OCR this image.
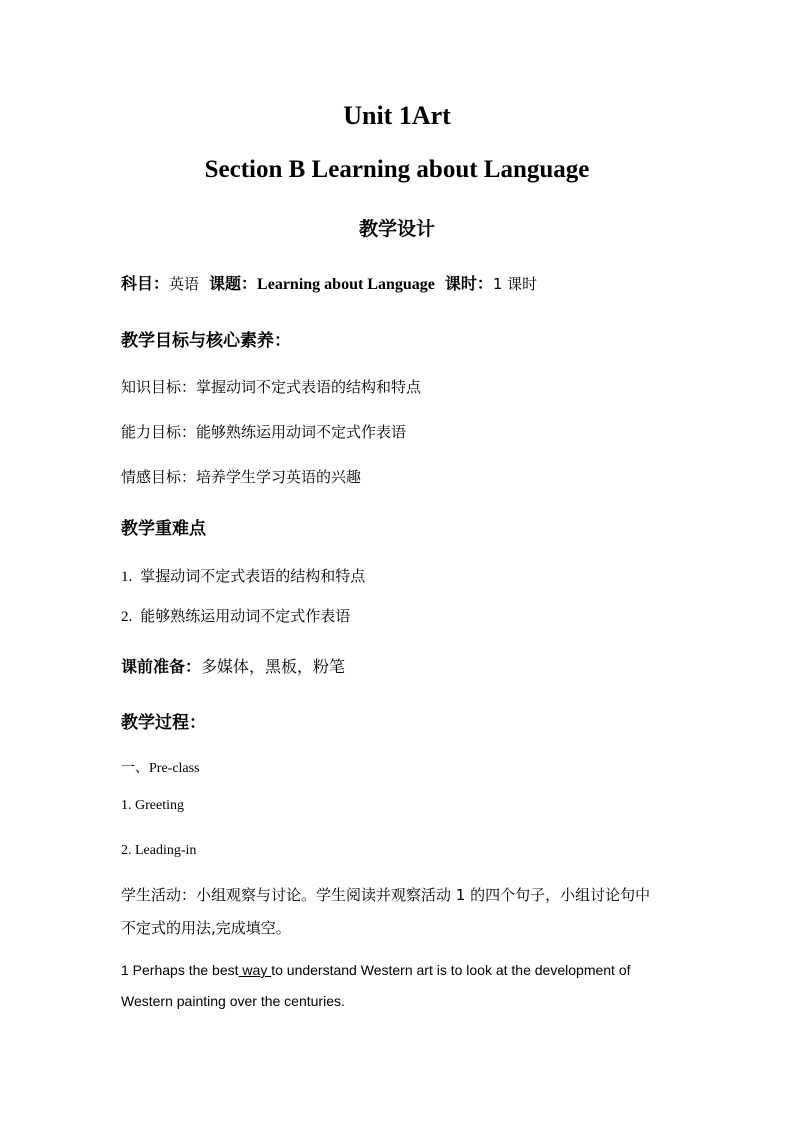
Unit 1Art
Section B Learning about Language
教学设计
科目：英语 课题：Learning about Language 课时：1 课时
教学目标与核心素养：
知识目标：掌握动词不定式表语的结构和特点
能力目标：能够熟练运用动词不定式作表语
情感目标：培养学生学习英语的兴趣
教学重难点
1. 掌握动词不定式表语的结构和特点
2. 能够熟练运用动词不定式作表语
课前准备：多媒体，黑板，粉笔
教学过程：
一、Pre-class
1. Greeting
2. Leading-in
学生活动：小组观察与讨论。学生阅读并观察活动 1 的四个句子，小组讨论句中
不定式的用法,完成填空。
1 Perhaps the best way to understand Western art is to look at the development of
Western painting over the centuries.
